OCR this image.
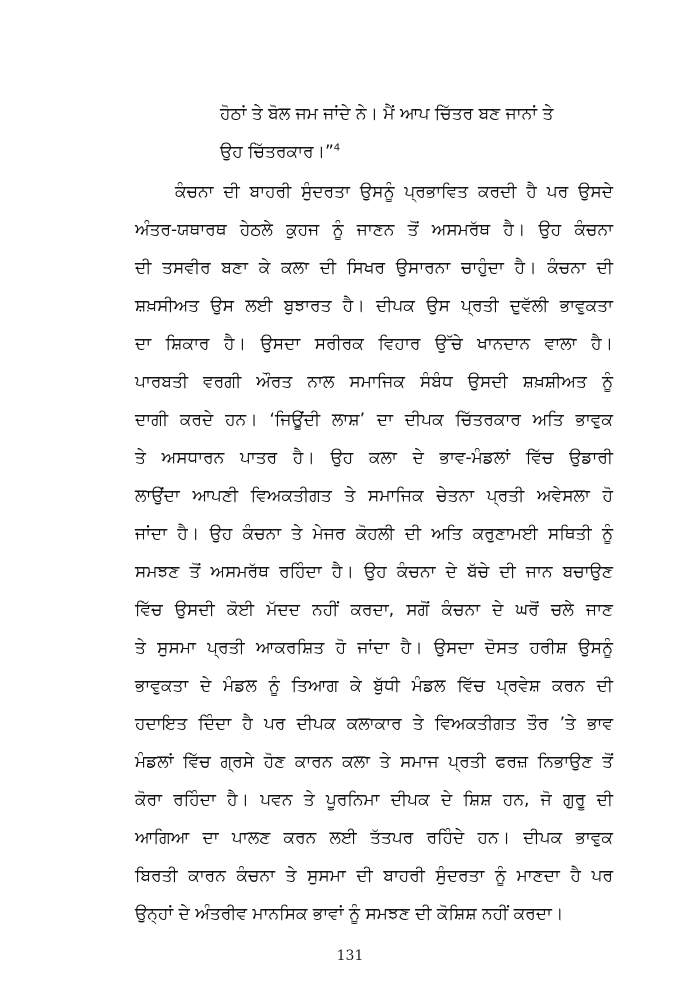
ਹੋਠਾਂ ਤੇ ਬੋਲ ਜਮ ਜਾਂਦੇ ਨੇ। ਮੈਂ ਆਪ ਚਿੱਤਰ ਬਣ ਜਾਨਾਂ ਤੇ

ਉਹ ਚਿੱਤਰਕਾਰ।”$^4$

ਕੰਚਨਾ ਦੀ ਬਾਹਰੀ ਸੁੰਦਰਤਾ ਉਸਨੂੰ ਪ੍ਰਭਾਵਿਤ ਕਰਦੀ ਹੈ ਪਰ ਉਸਦੇ

ਅੰਤਰ-ਯਥਾਰਥ ਹੇਠਲੇ ਕੁਹਜ ਨੂੰ ਜਾਣਨ ਤੋਂ ਅਸਮਰੱਥ ਹੈ। ਉਹ ਕੰਚਨਾ

ਦੀ ਤਸਵੀਰ ਬਣਾ ਕੇ ਕਲਾ ਦੀ ਸਿਖਰ ਉਸਾਰਨਾ ਚਾਹੁੰਦਾ ਹੈ। ਕੰਚਨਾ ਦੀ

ਸ਼ਖ਼ਸੀਅਤ ਉਸ ਲਈ ਬੁਝਾਰਤ ਹੈ। ਦੀਪਕ ਉਸ ਪ੍ਰਤੀ ਦੁਵੱਲੀ ਭਾਵੁਕਤਾ

ਦਾ ਸ਼ਿਕਾਰ ਹੈ। ਉਸਦਾ ਸਰੀਰਕ ਵਿਹਾਰ ਉੱਚੇ ਖਾਨਦਾਨ ਵਾਲਾ ਹੈ।

ਪਾਰਬਤੀ ਵਰਗੀ ਔਰਤ ਨਾਲ ਸਮਾਜਿਕ ਸੰਬੰਧ ਉਸਦੀ ਸ਼ਖ਼ਸ਼ੀਅਤ ਨੂੰ

ਦਾਗੀ ਕਰਦੇ ਹਨ। ‘ਜਿਊਂਦੀ ਲਾਸ਼’ ਦਾ ਦੀਪਕ ਚਿੱਤਰਕਾਰ ਅਤਿ ਭਾਵੁਕ

ਤੇ ਅਸਧਾਰਨ ਪਾਤਰ ਹੈ। ਉਹ ਕਲਾ ਦੇ ਭਾਵ-ਮੰਡਲਾਂ ਵਿੱਚ ਉਡਾਰੀ

ਲਾਉਂਦਾ ਆਪਣੀ ਵਿਅਕਤੀਗਤ ਤੇ ਸਮਾਜਿਕ ਚੇਤਨਾ ਪ੍ਰਤੀ ਅਵੇਸਲਾ ਹੋ

ਜਾਂਦਾ ਹੈ। ਉਹ ਕੰਚਨਾ ਤੇ ਮੇਜਰ ਕੋਹਲੀ ਦੀ ਅਤਿ ਕਰੁਣਾਮਈ ਸਥਿਤੀ ਨੂੰ

ਸਮਝਣ ਤੋਂ ਅਸਮਰੱਥ ਰਹਿੰਦਾ ਹੈ। ਉਹ ਕੰਚਨਾ ਦੇ ਬੱਚੇ ਦੀ ਜਾਨ ਬਚਾਉਣ

ਵਿੱਚ ਉਸਦੀ ਕੋਈ ਮੱਦਦ ਨਹੀਂ ਕਰਦਾ, ਸਗੋਂ ਕੰਚਨਾ ਦੇ ਘਰੋਂ ਚਲੇ ਜਾਣ

ਤੇ ਸੁਸਮਾ ਪ੍ਰਤੀ ਆਕਰਸ਼ਿਤ ਹੋ ਜਾਂਦਾ ਹੈ। ਉਸਦਾ ਦੋਸਤ ਹਰੀਸ਼ ਉਸਨੂੰ

ਭਾਵੁਕਤਾ ਦੇ ਮੰਡਲ ਨੂੰ ਤਿਆਗ ਕੇ ਬੁੱਧੀ ਮੰਡਲ ਵਿੱਚ ਪ੍ਰਵੇਸ਼ ਕਰਨ ਦੀ

ਹਦਾਇਤ ਦਿੰਦਾ ਹੈ ਪਰ ਦੀਪਕ ਕਲਾਕਾਰ ਤੇ ਵਿਅਕਤੀਗਤ ਤੌਰ ’ਤੇ ਭਾਵ

ਮੰਡਲਾਂ ਵਿੱਚ ਗ੍ਰਸੇ ਹੋਣ ਕਾਰਨ ਕਲਾ ਤੇ ਸਮਾਜ ਪ੍ਰਤੀ ਫਰਜ਼ ਨਿਭਾਉਣ ਤੋਂ

ਕੋਰਾ ਰਹਿੰਦਾ ਹੈ। ਪਵਨ ਤੇ ਪੂਰਨਿਮਾ ਦੀਪਕ ਦੇ ਸ਼ਿਸ਼ ਹਨ, ਜੋ ਗੁਰੂ ਦੀ

ਆਗਿਆ ਦਾ ਪਾਲਣ ਕਰਨ ਲਈ ਤੱਤਪਰ ਰਹਿੰਦੇ ਹਨ। ਦੀਪਕ ਭਾਵੁਕ

ਬਿਰਤੀ ਕਾਰਨ ਕੰਚਨਾ ਤੇ ਸੁਸਮਾ ਦੀ ਬਾਹਰੀ ਸੁੰਦਰਤਾ ਨੂੰ ਮਾਣਦਾ ਹੈ ਪਰ

ਉਨ੍ਹਾਂ ਦੇ ਅੰਤਰੀਵ ਮਾਨਸਿਕ ਭਾਵਾਂ ਨੂੰ ਸਮਝਣ ਦੀ ਕੋਸ਼ਿਸ਼ ਨਹੀਂ ਕਰਦਾ।

131
